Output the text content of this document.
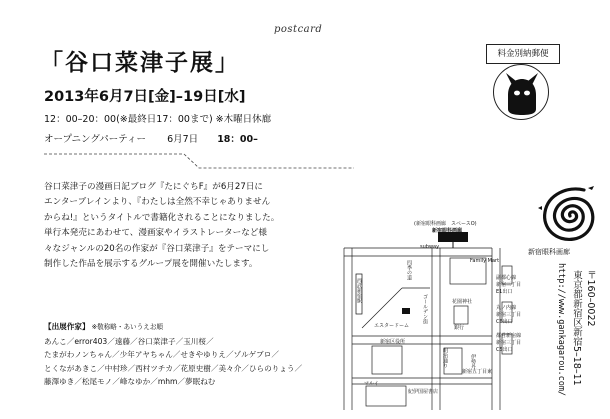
postcard
「谷口菜津子展」
2013年6月7日[金]–19日[水]
12：00–20：00(※最終日17：00まで) ※木曜日休廊
オープニングパーティー 6月7日 18：00–

谷口菜津子の漫画日記ブログ『たにぐちF』が6月27日に

エンターブレインより、『わたしは全然不幸じゃありません

からね!』というタイトルで書籍化されることになりました。

単行本発売にあわせて、漫画家やイラストレーターなど様

々なジャンルの20名の作家が『谷口菜津子』をテーマにし

制作した作品を展示するグループ展を開催いたします。

【出展作家】 ※敬称略・あいうえお順
あんこ／error403／遠藤／谷口菜津子／玉川桜／
たまがわノンちゃん／少年アヤちゃん／せきやゆりえ／ゾルゲブロ／
とくながあきこ／中村珍／西村ツチカ／花原史樹／美々介／ひらのりょう／
藤澤ゆき／松尾モノ／峰なゆか／mhm／夢眠ねむ
料金別納郵便
新宿眼科画廊
〒160–0022
東京都新宿区新宿5–18–11
http://www.gankagarou.com/
(新宿眼科画廊　スペースO)
新宿眼科画廊
subway
Family Mart
副都心線
新宿三丁目
E1出口
丸ノ内線
新宿三丁目
C6出口
都営新宿線
新宿三丁目
C5出口
花園神社
ゴールデン街
四季の道
明治通り	伊勢丹
紀伊国屋書店
マルイ
エスタードーム
新宿区役所
西武新宿駅
銀行
新宿五丁目東
